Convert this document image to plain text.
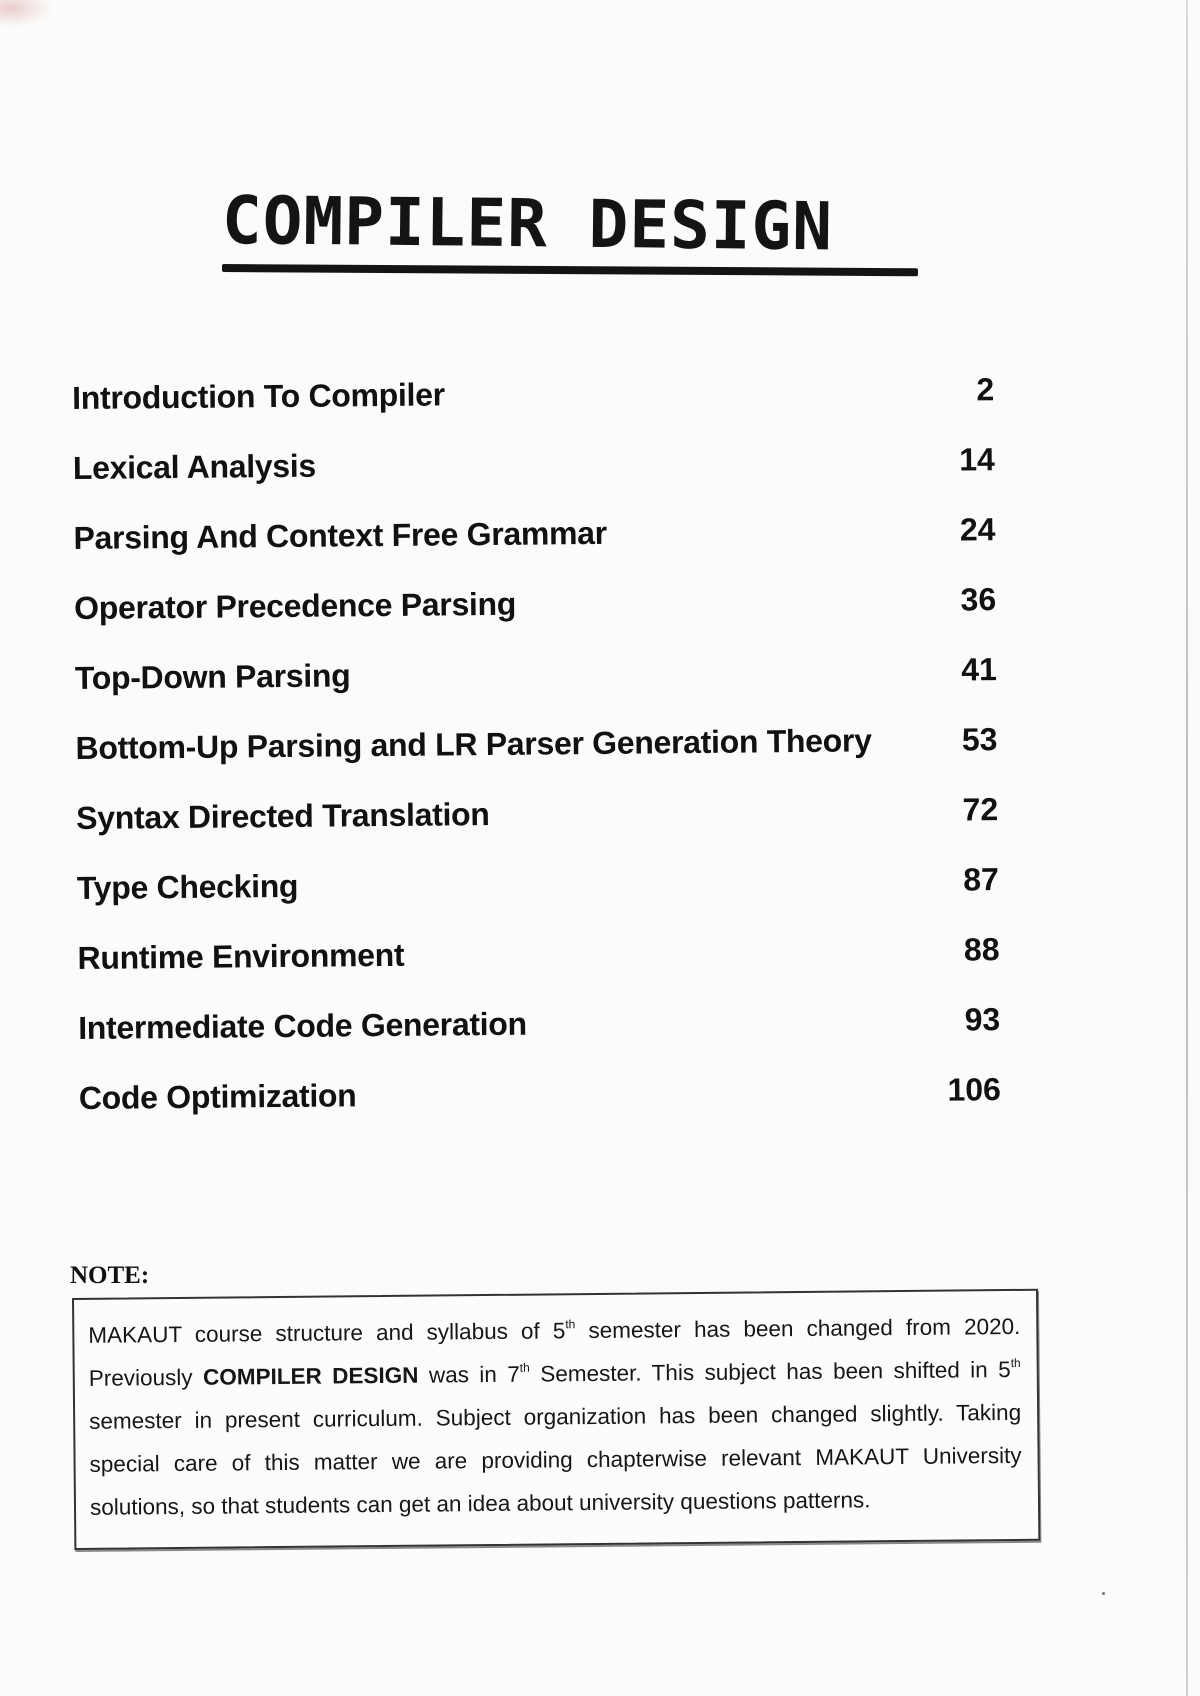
COMPILER DESIGN
Introduction To Compiler	2
Lexical Analysis	14
Parsing And Context Free Grammar	24
Operator Precedence Parsing	36
Top-Down Parsing	41
Bottom-Up Parsing and LR Parser Generation Theory	53
Syntax Directed Translation	72
Type Checking	87
Runtime Environment	88
Intermediate Code Generation	93
Code Optimization	106

NOTE:

MAKAUT course structure and syllabus of 5th semester has been changed from 2020. Previously COMPILER DESIGN was in 7th Semester. This subject has been shifted in 5th semester in present curriculum. Subject organization has been changed slightly. Taking special care of this matter we are providing chapterwise relevant MAKAUT University solutions, so that students can get an idea about university questions patterns.
